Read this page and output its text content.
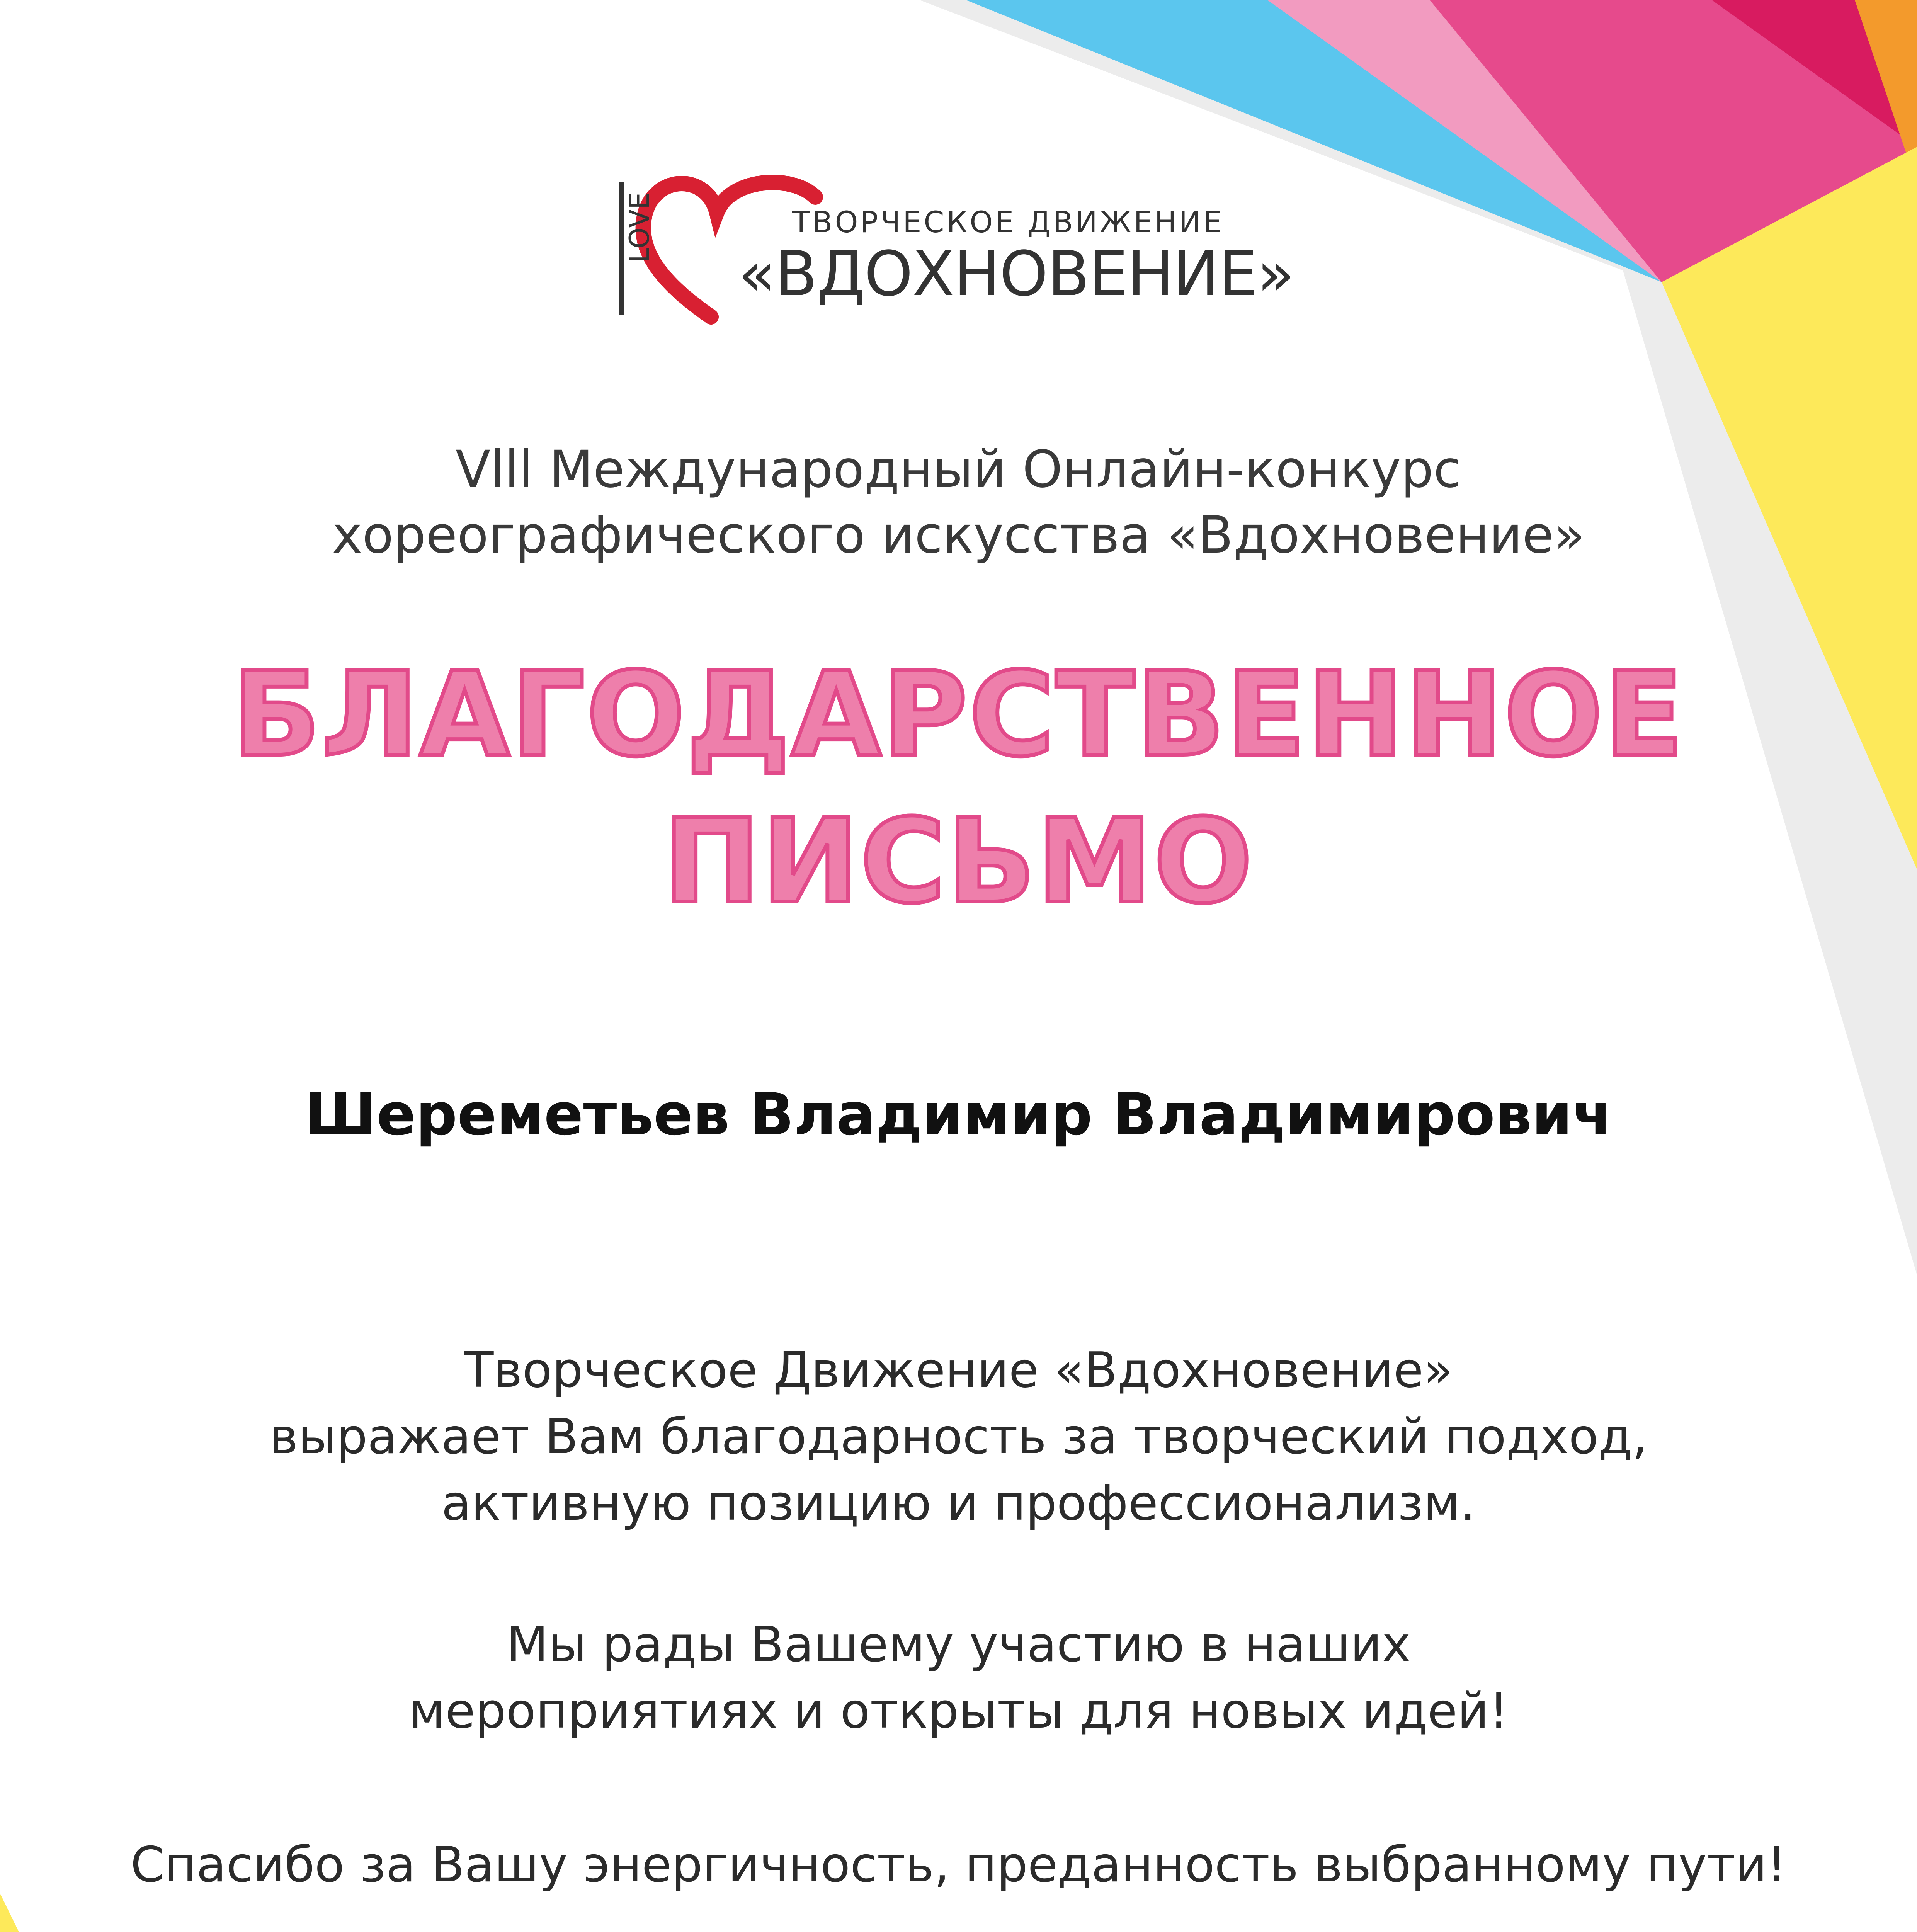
LOVE	ТВОРЧЕСКОЕ ДВИЖЕНИЕ
«ВДОХНОВЕНИЕ»
Vlll Международный Онлайн-конкурс
хореографического искусства «Вдохновение»
БЛАГОДАРСТВЕННОЕ
ПИСЬМО
Шереметьев Владимир Владимирович
Творческое Движение «Вдохновение»
выражает Вам благодарность за творческий подход,
активную позицию и профессионализм.
Мы рады Вашему участию в наших
мероприятиях и открыты для новых идей!
Спасибо за Вашу энергичность, преданность выбранному пути!
